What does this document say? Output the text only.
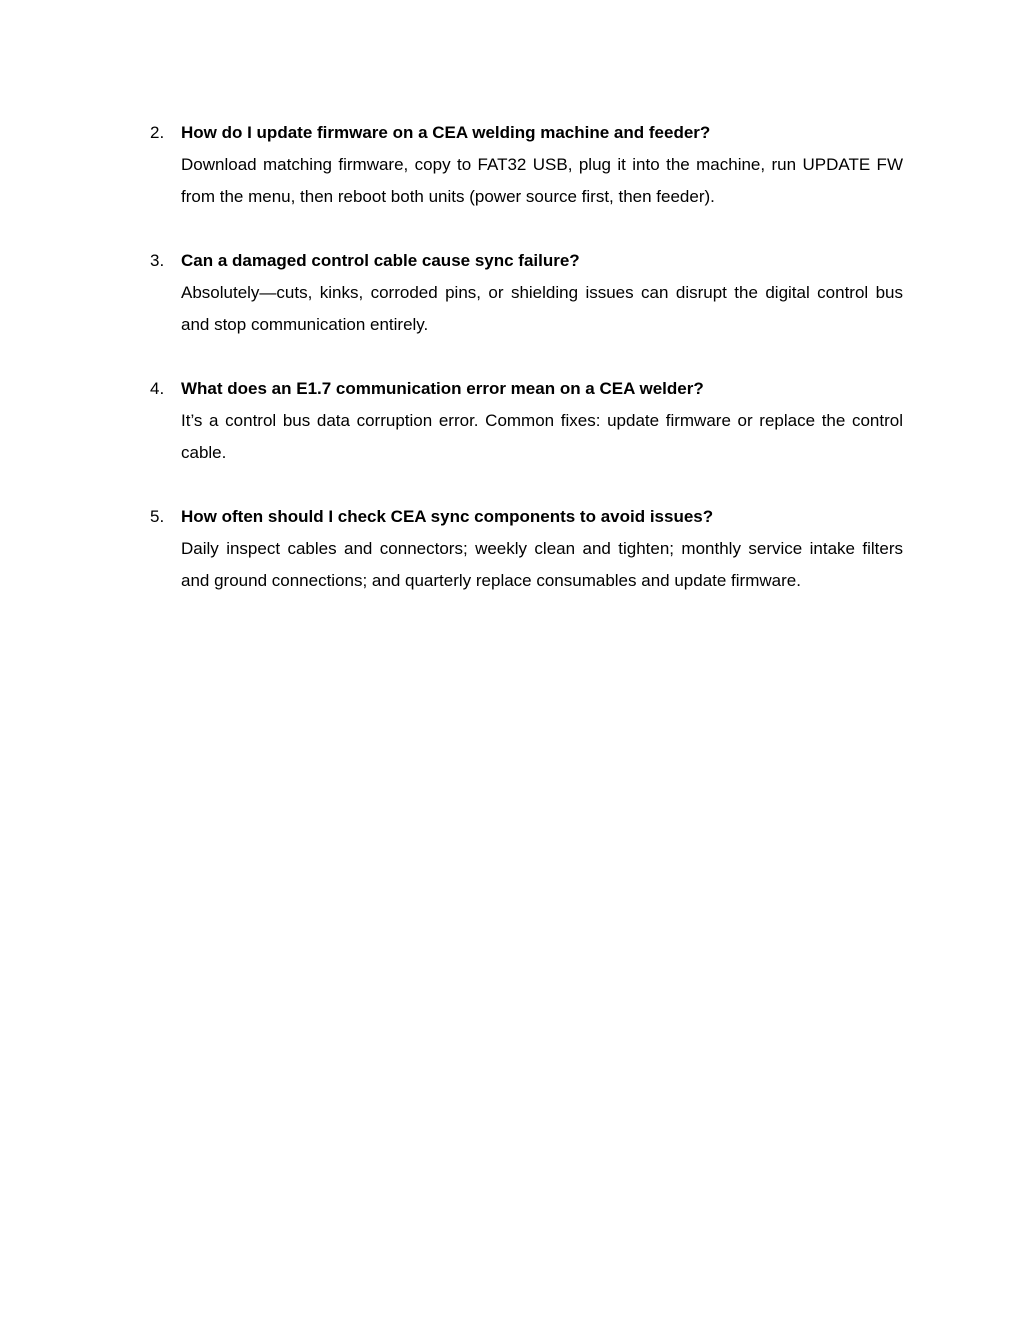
2. How do I update firmware on a CEA welding machine and feeder?

Download matching firmware, copy to FAT32 USB, plug it into the machine, run UPDATE FW from the menu, then reboot both units (power source first, then feeder).

3. Can a damaged control cable cause sync failure?

Absolutely—cuts, kinks, corroded pins, or shielding issues can disrupt the digital control bus and stop communication entirely.

4. What does an E1.7 communication error mean on a CEA welder?

It’s a control bus data corruption error. Common fixes: update firmware or replace the control cable.

5. How often should I check CEA sync components to avoid issues?

Daily inspect cables and connectors; weekly clean and tighten; monthly service intake filters and ground connections; and quarterly replace consumables and update firmware.
